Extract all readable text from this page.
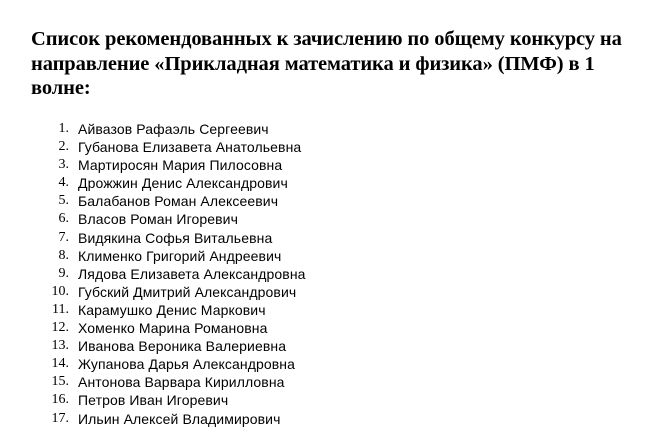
Список рекомендованных к зачислению по общему конкурсу на направление «Прикладная математика и физика» (ПМФ) в 1 волне:
1. Айвазов Рафаэль Сергеевич
2. Губанова Елизавета Анатольевна
3. Мартиросян Мария Пилосовна
4. Дрожжин Денис Александрович
5. Балабанов Роман Алексеевич
6. Власов Роман Игоревич
7. Видякина Софья Витальевна
8. Клименко Григорий Андреевич
9. Лядова Елизавета Александровна
10. Губский Дмитрий Александрович
11. Карамушко Денис Маркович
12. Хоменко Марина Романовна
13. Иванова Вероника Валериевна
14. Жупанова Дарья Александровна
15. Антонова Варвара Кирилловна
16. Петров Иван Игоревич
17. Ильин Алексей Владимирович
